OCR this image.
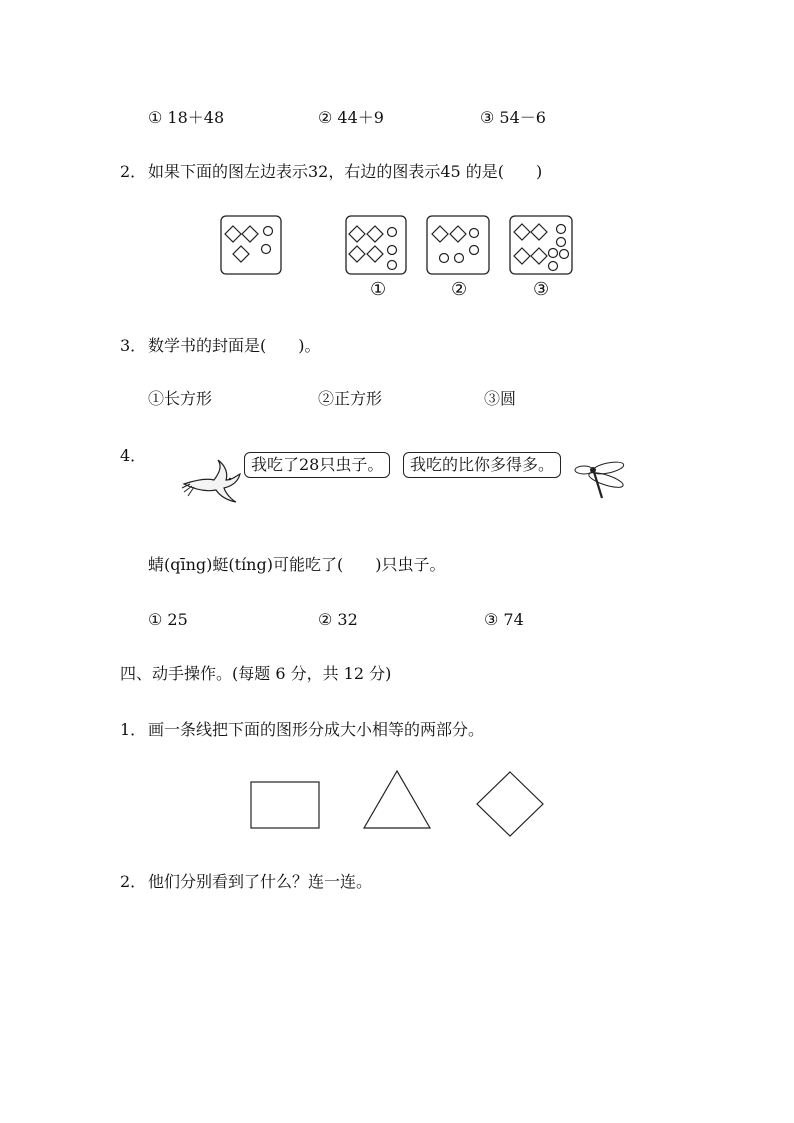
① 18＋48	② 44＋9	③ 54－6
2． 如果下面的图左边表示32，右边的图表示45 的是(　　)
①	②	③
3． 数学书的封面是(　　)。
①长方形	②正方形	③圆
4．	我吃了28只虫子。	我吃的比你多得多。
蜻(qīng)蜓(tíng)可能吃了(　　)只虫子。
① 25	② 32	③ 74
四、动手操作。(每题 6 分，共 12 分)
1． 画一条线把下面的图形分成大小相等的两部分。
2． 他们分别看到了什么？连一连。
